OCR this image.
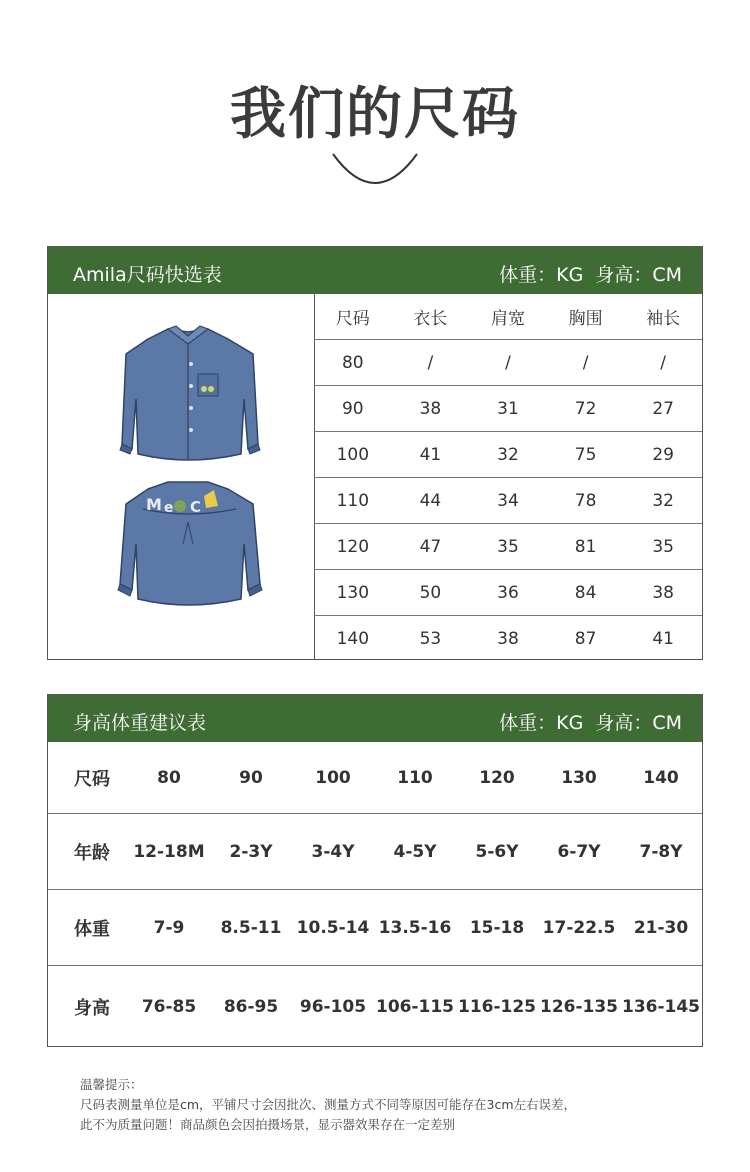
我们的尺码
Amila尺码快选表	体重：KG 身高：CM
M e C
尺码	衣长	肩宽	胸围	袖长
80	/	/	/	/
90	38	31	72	27
100	41	32	75	29
110	44	34	78	32
120	47	35	81	35
130	50	36	84	38
140	53	38	87	41
身高体重建议表	体重：KG 身高：CM
尺码	80	90	100	110	120	130	140
年龄	12-18M	2-3Y	3-4Y	4-5Y	5-6Y	6-7Y	7-8Y
体重	7-9	8.5-11 10.5-14 13.5-16	15-18	17-22.5	21-30
身高	76-85	86-95	96-105 106-115 116-125 126-135 136-145
温馨提示：
尺码表测量单位是cm，平铺尺寸会因批次、测量方式不同等原因可能存在3cm左右误差，
此不为质量问题！商品颜色会因拍摄场景，显示器效果存在一定差别
